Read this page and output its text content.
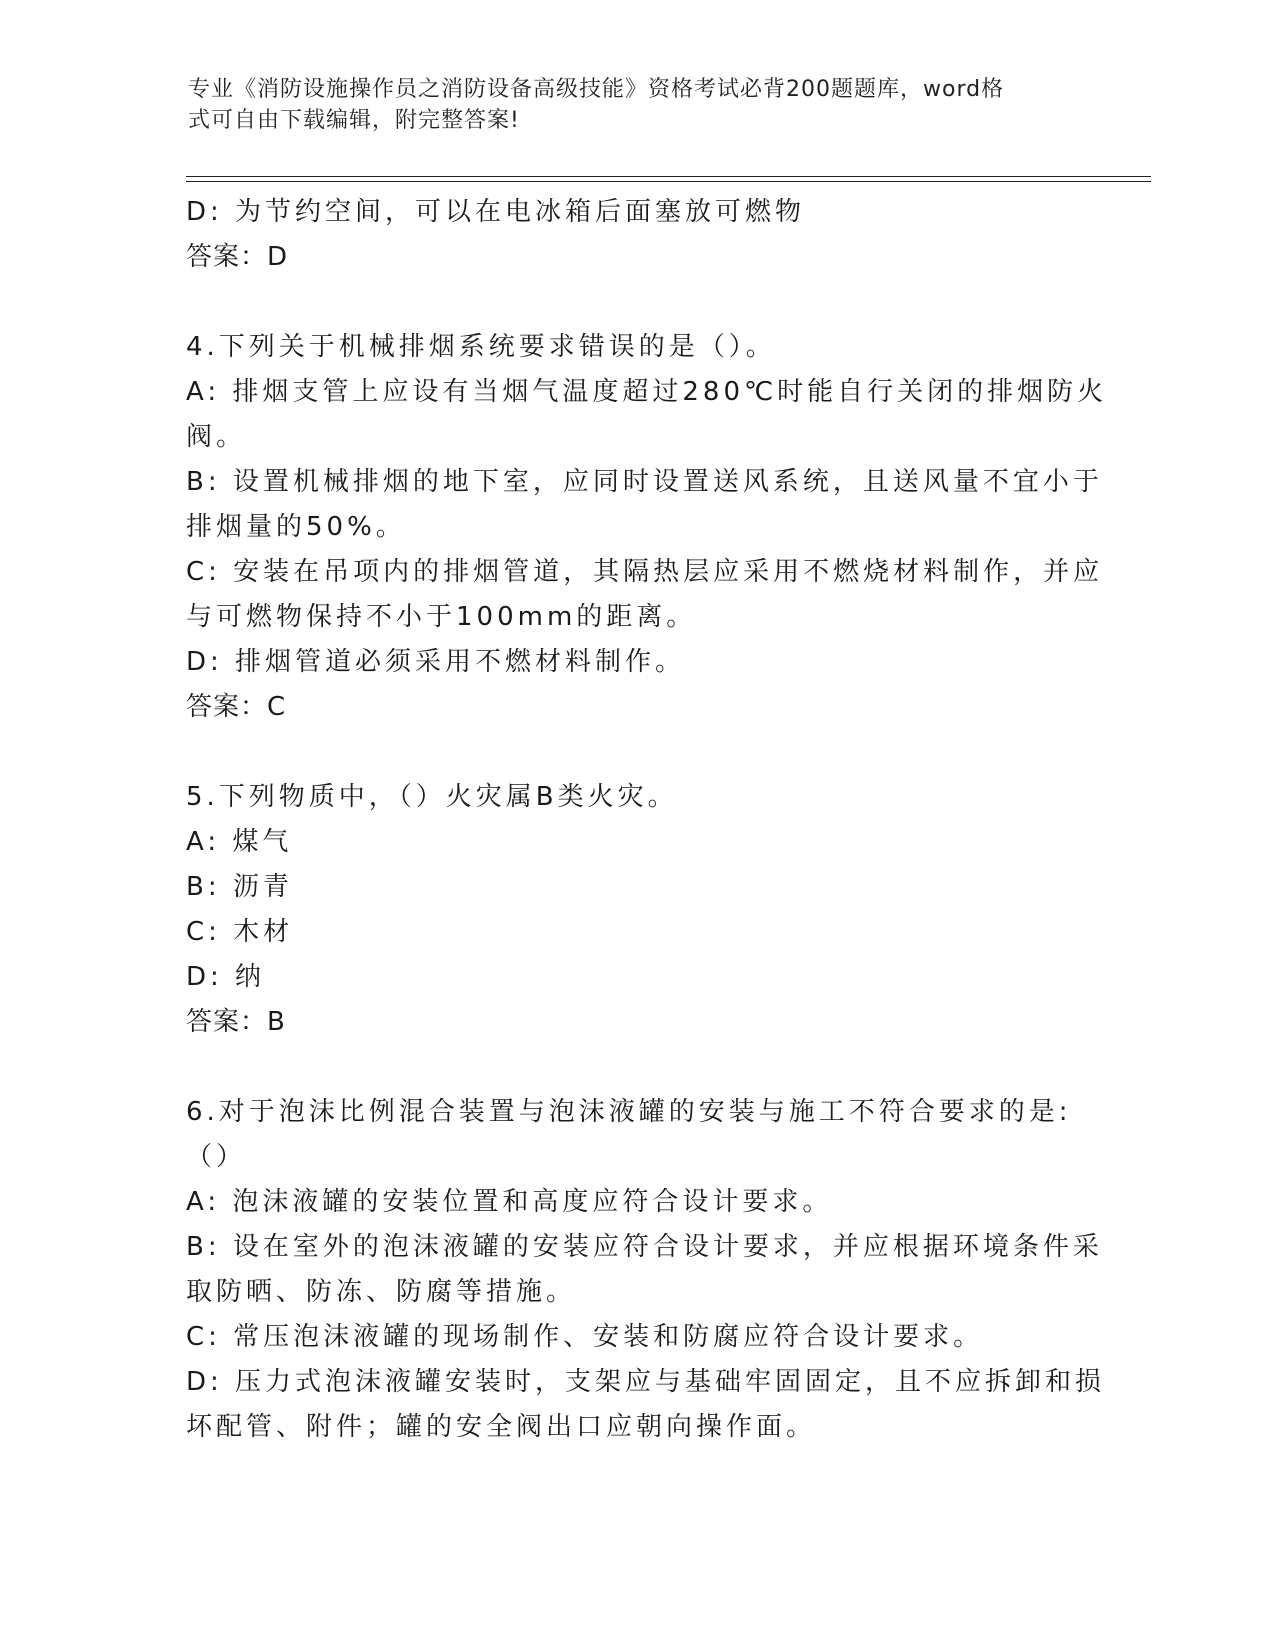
专业《消防设施操作员之消防设备高级技能》资格考试必背200题题库，word格
式可自由下载编辑，附完整答案!
D: 为节约空间，可以在电冰箱后面塞放可燃物
答案：D
4.下列关于机械排烟系统要求错误的是（）。
A: 排烟支管上应设有当烟气温度超过280℃时能自行关闭的排烟防火
阀。
B: 设置机械排烟的地下室，应同时设置送风系统，且送风量不宜小于
排烟量的50%。
C: 安装在吊项内的排烟管道，其隔热层应采用不燃烧材料制作，并应
与可燃物保持不小于100mm的距离。
D: 排烟管道必须采用不燃材料制作。
答案：C
5.下列物质中，（）火灾属B类火灾。
A: 煤气
B: 沥青
C: 木材
D: 纳
答案：B
6.对于泡沫比例混合装置与泡沫液罐的安装与施工不符合要求的是:
（）
A: 泡沫液罐的安装位置和高度应符合设计要求。
B: 设在室外的泡沫液罐的安装应符合设计要求，并应根据环境条件采
取防晒、防冻、防腐等措施。
C: 常压泡沫液罐的现场制作、安装和防腐应符合设计要求。
D: 压力式泡沫液罐安装时，支架应与基础牢固固定，且不应拆卸和损
坏配管、附件；罐的安全阀出口应朝向操作面。
